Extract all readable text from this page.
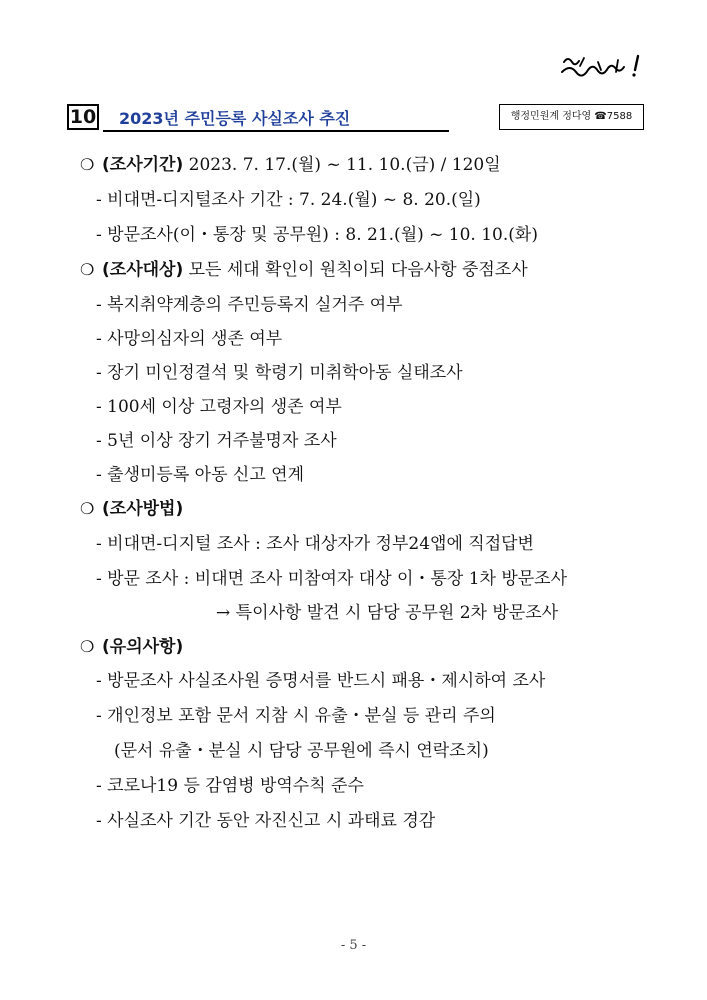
10 2023년 주민등록 사실조사 추진	행정민원계 정다영 ☎7588
❍ (조사기간) 2023. 7. 17.(월) ~ 11. 10.(금) / 120일
- 비대면-디지털조사 기간 : 7. 24.(월) ~ 8. 20.(일)
- 방문조사(이・통장 및 공무원) : 8. 21.(월) ~ 10. 10.(화)
❍ (조사대상) 모든 세대 확인이 원칙이되 다음사항 중점조사
- 복지취약계층의 주민등록지 실거주 여부
- 사망의심자의 생존 여부
- 장기 미인정결석 및 학령기 미취학아동 실태조사
- 100세 이상 고령자의 생존 여부
- 5년 이상 장기 거주불명자 조사
- 출생미등록 아동 신고 연계
❍ (조사방법)
- 비대면-디지털 조사 : 조사 대상자가 정부24앱에 직접답변
- 방문 조사 : 비대면 조사 미참여자 대상 이・통장 1차 방문조사
→ 특이사항 발견 시 담당 공무원 2차 방문조사
❍ (유의사항)
- 방문조사 사실조사원 증명서를 반드시 패용・제시하여 조사
- 개인정보 포함 문서 지참 시 유출・분실 등 관리 주의
(문서 유출・분실 시 담당 공무원에 즉시 연락조치)
- 코로나19 등 감염병 방역수칙 준수
- 사실조사 기간 동안 자진신고 시 과태료 경감
- 5 -
